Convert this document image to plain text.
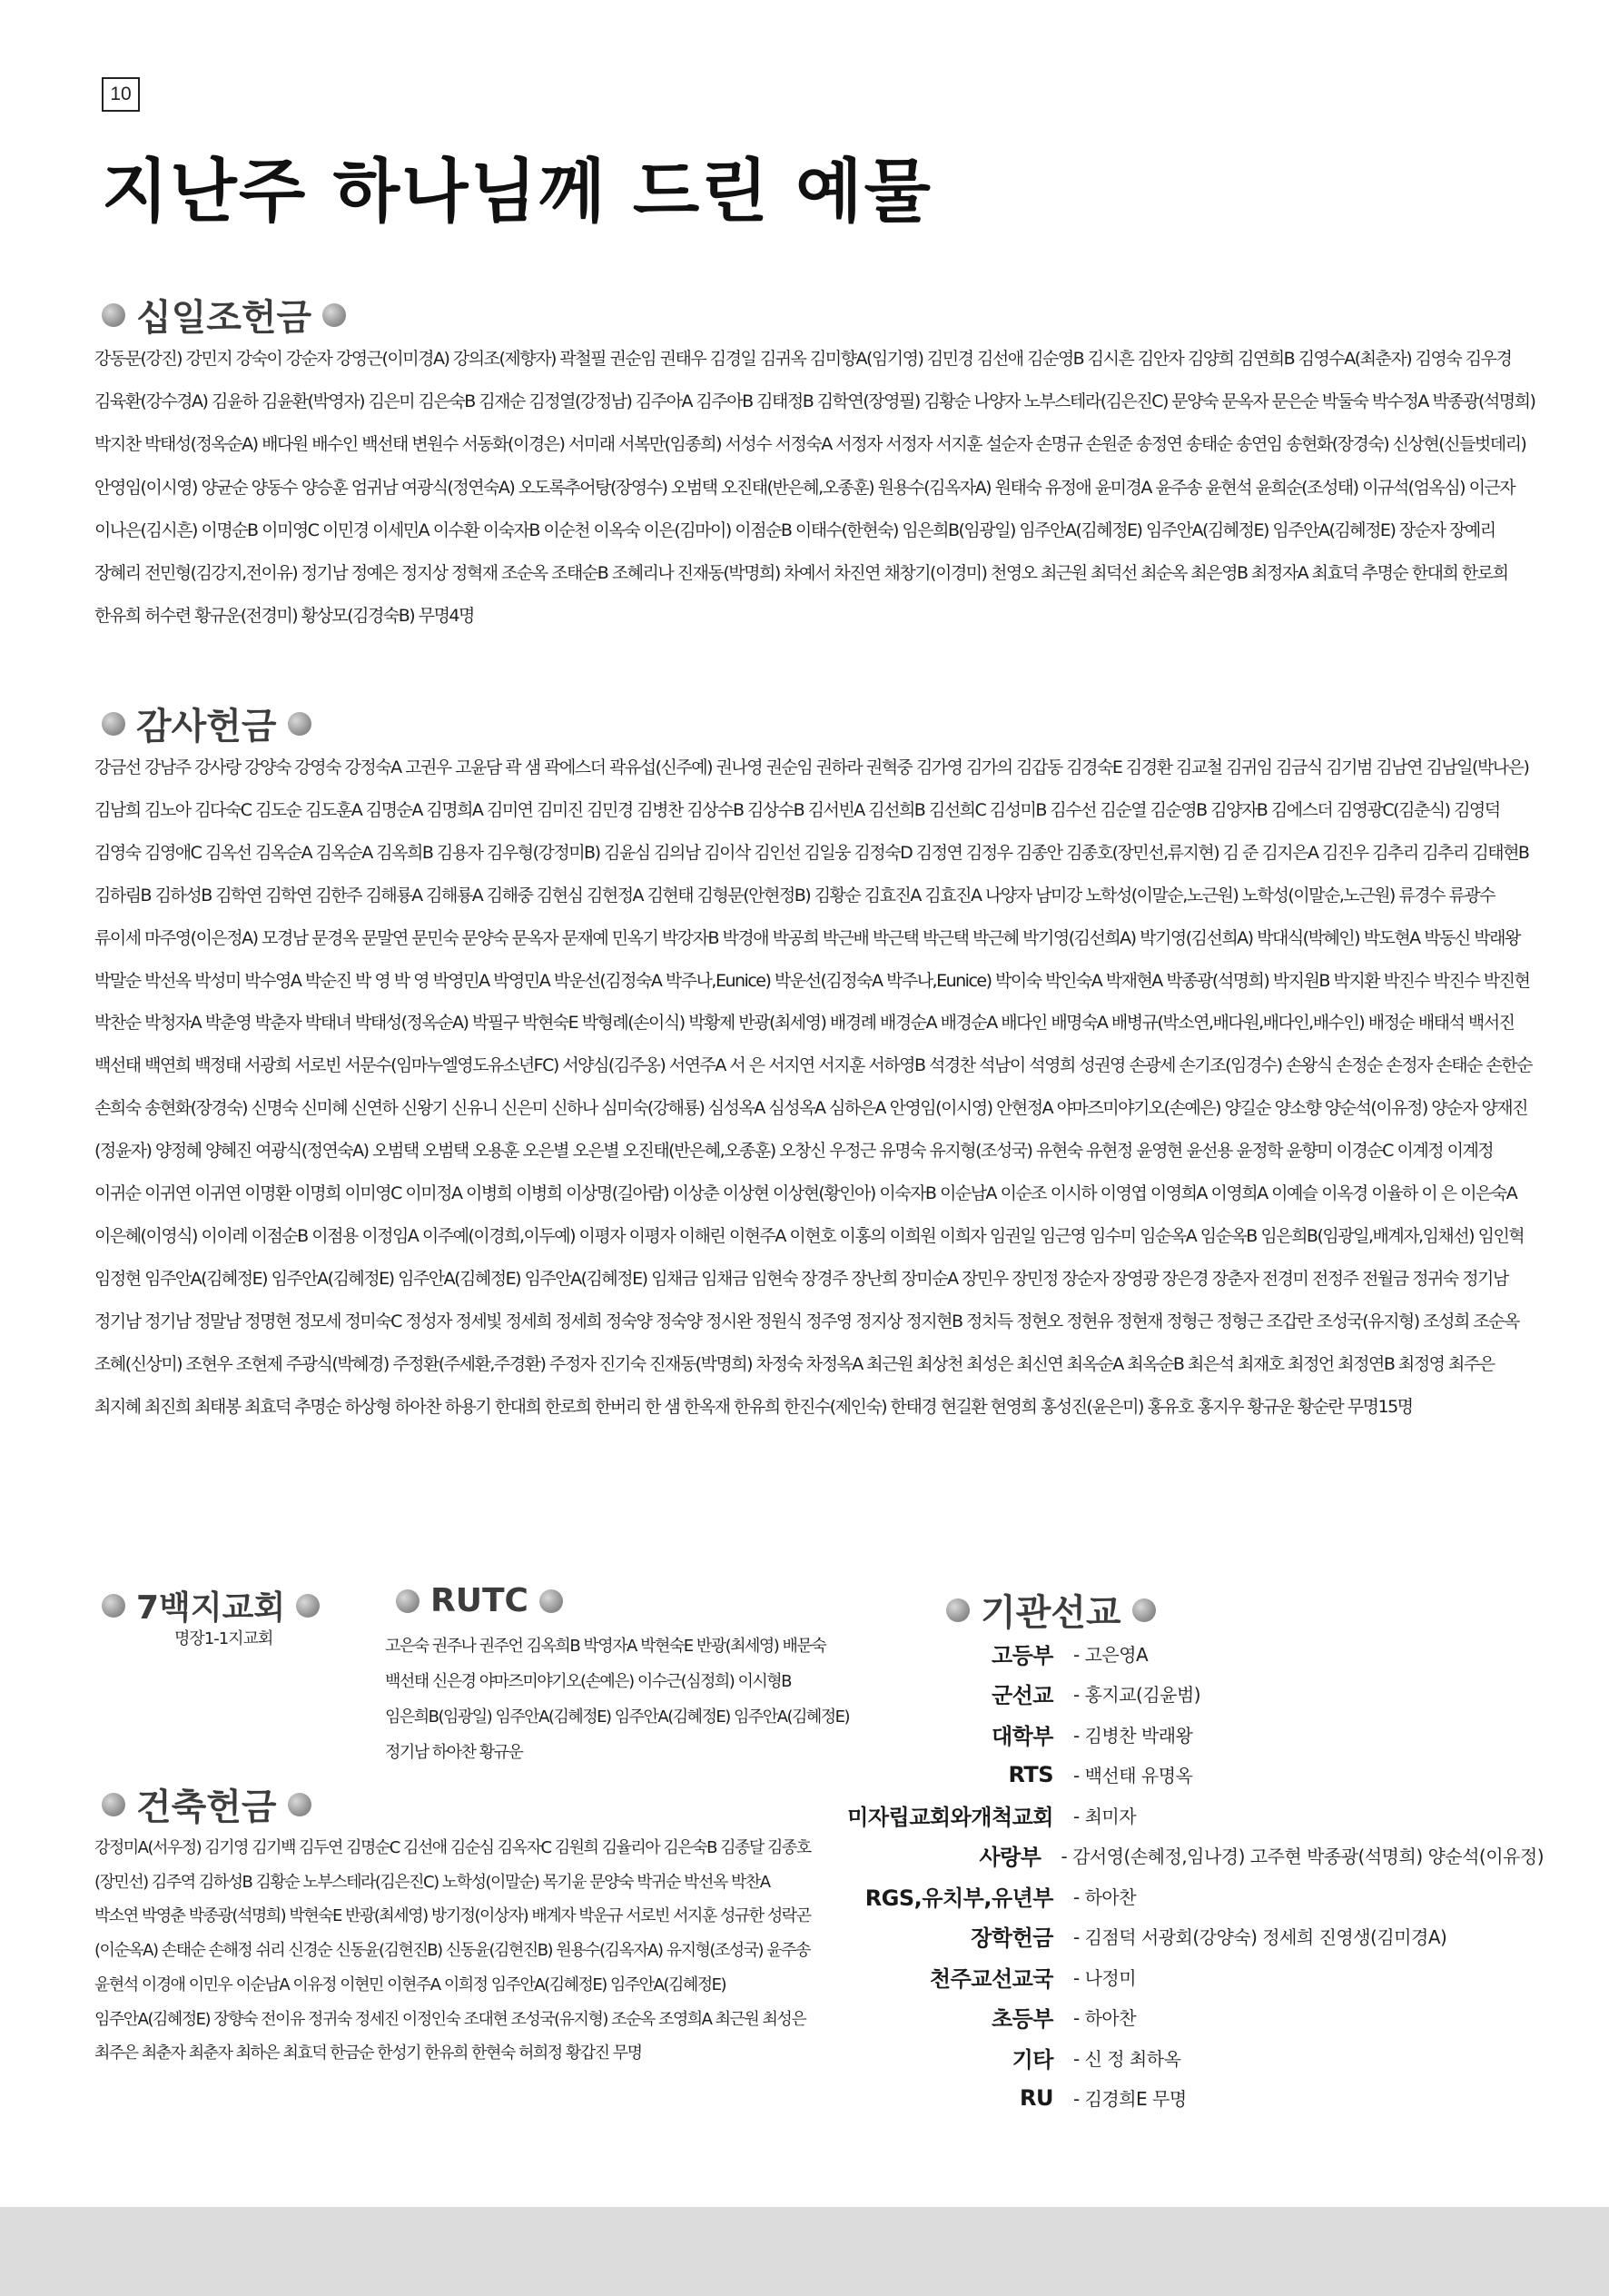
10
지난주 하나님께 드린 예물
십일조헌금
강동문(강진) 강민지 강숙이 강순자 강영근(이미경A) 강의조(제향자) 곽철필 권순임 권태우 김경일 김귀옥 김미향A(임기영) 김민경 김선애 김순영B 김시흔 김안자 김양희 김연희B 김영수A(최춘자) 김영숙 김우경 김육환(강수경A) 김윤하 김윤환(박영자) 김은미 김은숙B 김재순 김정열(강정남) 김주아A 김주아B 김태정B 김학연(장영필) 김황순 나양자 노부스테라(김은진C) 문양숙 문옥자 문은순 박둘숙 박수정A 박종광(석명희) 박지찬 박태성(정옥순A) 배다원 배수인 백선태 변원수 서동화(이경은) 서미래 서복만(임종희) 서성수 서정숙A 서정자 서정자 서지훈 설순자 손명규 손원준 송정연 송태순 송연임 송현화(장경숙) 신상현(신들벗데리) 안영임(이시영) 양균순 양동수 양승훈 엄귀남 여광식(정연숙A) 오도록추어탕(장영수) 오범택 오진태(반은혜,오종훈) 원용수(김옥자A) 원태숙 유정애 윤미경A 윤주송 윤현석 윤희순(조성태) 이규석(엄옥심) 이근자 이나은(김시흔) 이명순B 이미영C 이민경 이세민A 이수환 이숙자B 이순천 이옥숙 이은(김마이) 이점순B 이태수(한현숙) 임은희B(임광일) 임주안A(김혜정E) 임주안A(김혜정E) 임주안A(김혜정E) 장순자 장예리 장혜리 전민형(김강지,전이유) 정기남 정예은 정지상 정혁재 조순옥 조태순B 조혜리나 진재동(박명희) 차예서 차진연 채창기(이경미) 천영오 최근원 최덕선 최순옥 최은영B 최정자A 최효덕 추명순 한대희 한로희 한유희 허수련 황규운(전경미) 황상모(김경숙B) 무명4명
감사헌금
강금선 강남주 강사랑 강양숙 강영숙 강정숙A 고권우 고윤담 곽 샘 곽에스더 곽유섭(신주예) 권나영 권순임 권하라 권혁중 김가영 김가의 김갑동 김경숙E 김경환 김교철 김귀임 김금식 김기범 김남연 김남일(박나은) 김남희 김노아 김다숙C 김도순 김도훈A 김명순A 김명희A 김미연 김미진 김민경 김병찬 김상수B 김상수B 김서빈A 김선희B 김선희C 김성미B 김수선 김순열 김순영B 김양자B 김에스더 김영광C(김춘식) 김영덕 김영숙 김영애C 김옥선 김옥순A 김옥순A 김옥희B 김용자 김우형(강정미B) 김윤심 김의남 김이삭 김인선 김일웅 김정숙D 김정연 김정우 김종안 김종호(장민선,류지현) 김 준 김지은A 김진우 김추리 김추리 김태현B 김하림B 김하성B 김학연 김학연 김한주 김해룡A 김해룡A 김해중 김현심 김현정A 김현태 김형문(안현정B) 김황순 김효진A 김효진A 나양자 남미강 노학성(이말순,노근원) 노학성(이말순,노근원) 류경수 류광수 류이세 마주영(이은정A) 모경남 문경옥 문말연 문민숙 문양숙 문옥자 문재예 민옥기 박강자B 박경애 박공희 박근배 박근택 박근택 박근혜 박기영(김선희A) 박기영(김선희A) 박대식(박혜인) 박도현A 박동신 박래왕 박말순 박선옥 박성미 박수영A 박순진 박 영 박 영 박영민A 박영민A 박운선(김정숙A 박주나,Eunice) 박운선(김정숙A 박주나,Eunice) 박이숙 박인숙A 박재현A 박종광(석명희) 박지원B 박지환 박진수 박진수 박진현 박찬순 박청자A 박춘영 박춘자 박태녀 박태성(정옥순A) 박필구 박현숙E 박형례(손이식) 박황제 반광(최세영) 배경례 배경순A 배경순A 배다인 배명숙A 배병규(박소연,배다원,배다인,배수인) 배정순 배태석 백서진 백선태 백연희 백정태 서광희 서로빈 서문수(임마누엘영도유소년FC) 서양심(김주옹) 서연주A 서 은 서지연 서지훈 서하영B 석경찬 석남이 석영희 성권영 손광세 손기조(임경수) 손왕식 손정순 손정자 손태순 손한순 손희숙 송현화(장경숙) 신명숙 신미혜 신연하 신왕기 신유니 신은미 신하나 심미숙(강해룡) 심성옥A 심성옥A 심하은A 안영임(이시영) 안현정A 야마즈미야기오(손예은) 양길순 양소향 양순석(이유정) 양순자 양재진(정윤자) 양정혜 양혜진 여광식(정연숙A) 오범택 오범택 오용훈 오은별 오은별 오진태(반은혜,오종훈) 오창신 우정근 유명숙 유지형(조성국) 유현숙 유현정 윤영현 윤선용 윤정학 윤향미 이경순C 이계정 이계정 이귀순 이귀연 이귀연 이명환 이명희 이미영C 이미정A 이병희 이병희 이상명(길아람) 이상춘 이상현 이상현(황인아) 이숙자B 이순남A 이순조 이시하 이영엽 이영희A 이영희A 이예슬 이옥경 이율하 이 은 이은숙A 이은혜(이영식) 이이레 이점순B 이점용 이정임A 이주예(이경희,이두예) 이평자 이평자 이해린 이현주A 이현호 이홍의 이희원 이희자 임권일 임근영 임수미 임순옥A 임순옥B 임은희B(임광일,배계자,임채선) 임인혁 임정현 임주안A(김혜정E) 임주안A(김혜정E) 임주안A(김혜정E) 임주안A(김혜정E) 임채금 임채금 임현숙 장경주 장난희 장미순A 장민우 장민정 장순자 장영광 장은경 장춘자 전경미 전정주 전월금 정귀숙 정기남 정기남 정기남 정말남 정명현 정모세 정미숙C 정성자 정세빛 정세희 정세희 정숙양 정숙양 정시완 정원식 정주영 정지상 정지현B 정치득 정현오 정현유 정현재 정형근 정형근 조갑란 조성국(유지형) 조성희 조순옥 조혜(신상미) 조현우 조현제 주광식(박혜경) 주정환(주세환,주경환) 주정자 진기숙 진재동(박명희) 차정숙 차정옥A 최근원 최상천 최성은 최신연 최옥순A 최옥순B 최은석 최재호 최정언 최정연B 최정영 최주은 최지혜 최진희 최태봉 최효덕 추명순 하상형 하아찬 하용기 한대희 한로희 한버리 한 샘 한옥재 한유희 한진수(제인숙) 한태경 현길환 현영희 홍성진(윤은미) 홍유호 홍지우 황규운 황순란 무명15명
7백지교회
명장1-1지교회
RUTC
고은숙 권주나 권주언 김옥희B 박영자A 박현숙E 반광(최세영) 배문숙 백선태 신은경 야마즈미야기오(손예은) 이수근(심정희) 이시형B 임은희B(임광일) 임주안A(김혜정E) 임주안A(김혜정E) 임주안A(김혜정E) 정기남 하아찬 황규운
건축헌금
강정미A(서우정) 김기영 김기백 김두연 김명순C 김선애 김순심 김옥자C 김원희 김율리아 김은숙B 김종달 김종호(장민선) 김주역 김하성B 김황순 노부스테라(김은진C) 노학성(이말순) 목기윤 문양숙 박귀순 박선옥 박찬A 박소연 박영춘 박종광(석명희) 박현숙E 반광(최세영) 방기정(이상자) 배계자 박운규 서로빈 서지훈 성규한 성락곤(이순옥A) 손태순 손해정 쉬리 신경순 신동윤(김현진B) 신동윤(김현진B) 원용수(김옥자A) 유지형(조성국) 윤주송 윤현석 이경애 이민우 이순남A 이유정 이현민 이현주A 이희정 임주안A(김혜정E) 임주안A(김혜정E) 임주안A(김혜정E) 장향숙 전이유 정귀숙 정세진 이정인숙 조대현 조성국(유지형) 조순옥 조영희A 최근원 최성은 최주은 최춘자 최춘자 최하은 최효덕 한금순 한성기 한유희 한현숙 허희정 황갑진 무명
기관선교
고등부 - 고은영A
군선교 - 홍지교(김윤범)
대학부 - 김병찬 박래왕
RTS - 백선태 유명옥
미자립교회와개척교회 - 최미자
사랑부 - 감서영(손혜정,임나경) 고주현 박종광(석명희) 양순석(이유정)
RGS,유치부,유년부 - 하아찬
장학헌금 - 김점덕 서광회(강양숙) 정세희 진영생(김미경A)
천주교선교국 - 나정미
초등부 - 하아찬
기타 - 신 정 최하옥
RU - 김경희E 무명
